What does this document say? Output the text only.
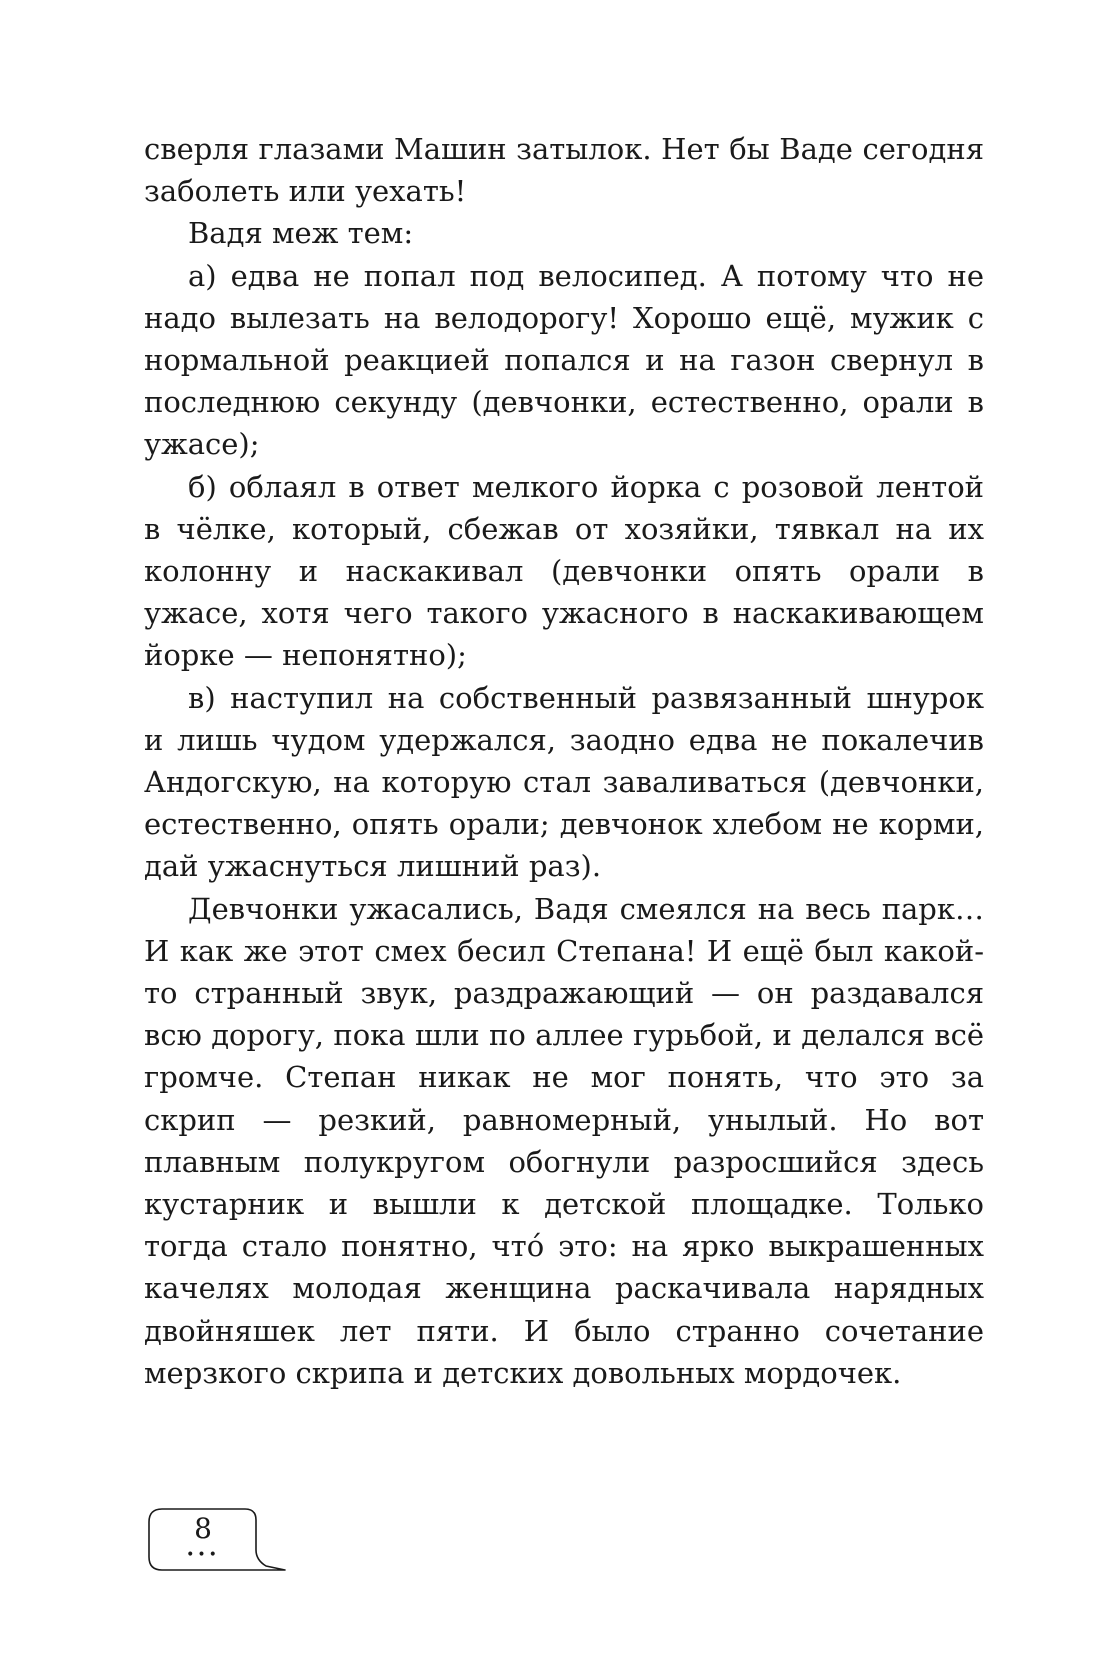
сверля глазами Машин затылок. Нет бы Ваде сегодня заболеть или уехать!

Вадя меж тем:

а) едва не попал под велосипед. А потому что не надо вылезать на велодорогу! Хорошо ещё, мужик с нормальной реакцией попался и на газон свернул в последнюю секунду (девчонки, естественно, орали в ужасе);

б) облаял в ответ мелкого йорка с розовой лентой в чёлке, который, сбежав от хозяйки, тявкал на их колонну и наскакивал (девчонки опять орали в ужасе, хотя чего такого ужасного в наскакивающем йорке — непонятно);

в) наступил на собственный развязанный шнурок и лишь чудом удержался, заодно едва не покалечив Андогскую, на которую стал заваливаться (девчонки, естественно, опять орали; девчонок хлебом не корми, дай ужаснуться лишний раз).

Девчонки ужасались, Вадя смеялся на весь парк… И как же этот смех бесил Степана! И ещё был какой-то странный звук, раздражающий — он раздавался всю дорогу, пока шли по аллее гурьбой, и делался всё громче. Степан никак не мог понять, что это за скрип — резкий, равномерный, унылый. Но вот плавным полукругом обогнули разросшийся здесь кустарник и вышли к детской площадке. Только тогда стало понятно, что́ это: на ярко выкрашенных качелях молодая женщина раскачивала нарядных двойняшек лет пяти. И было странно сочетание мерзкого скрипа и детских довольных мордочек.

8
•••
